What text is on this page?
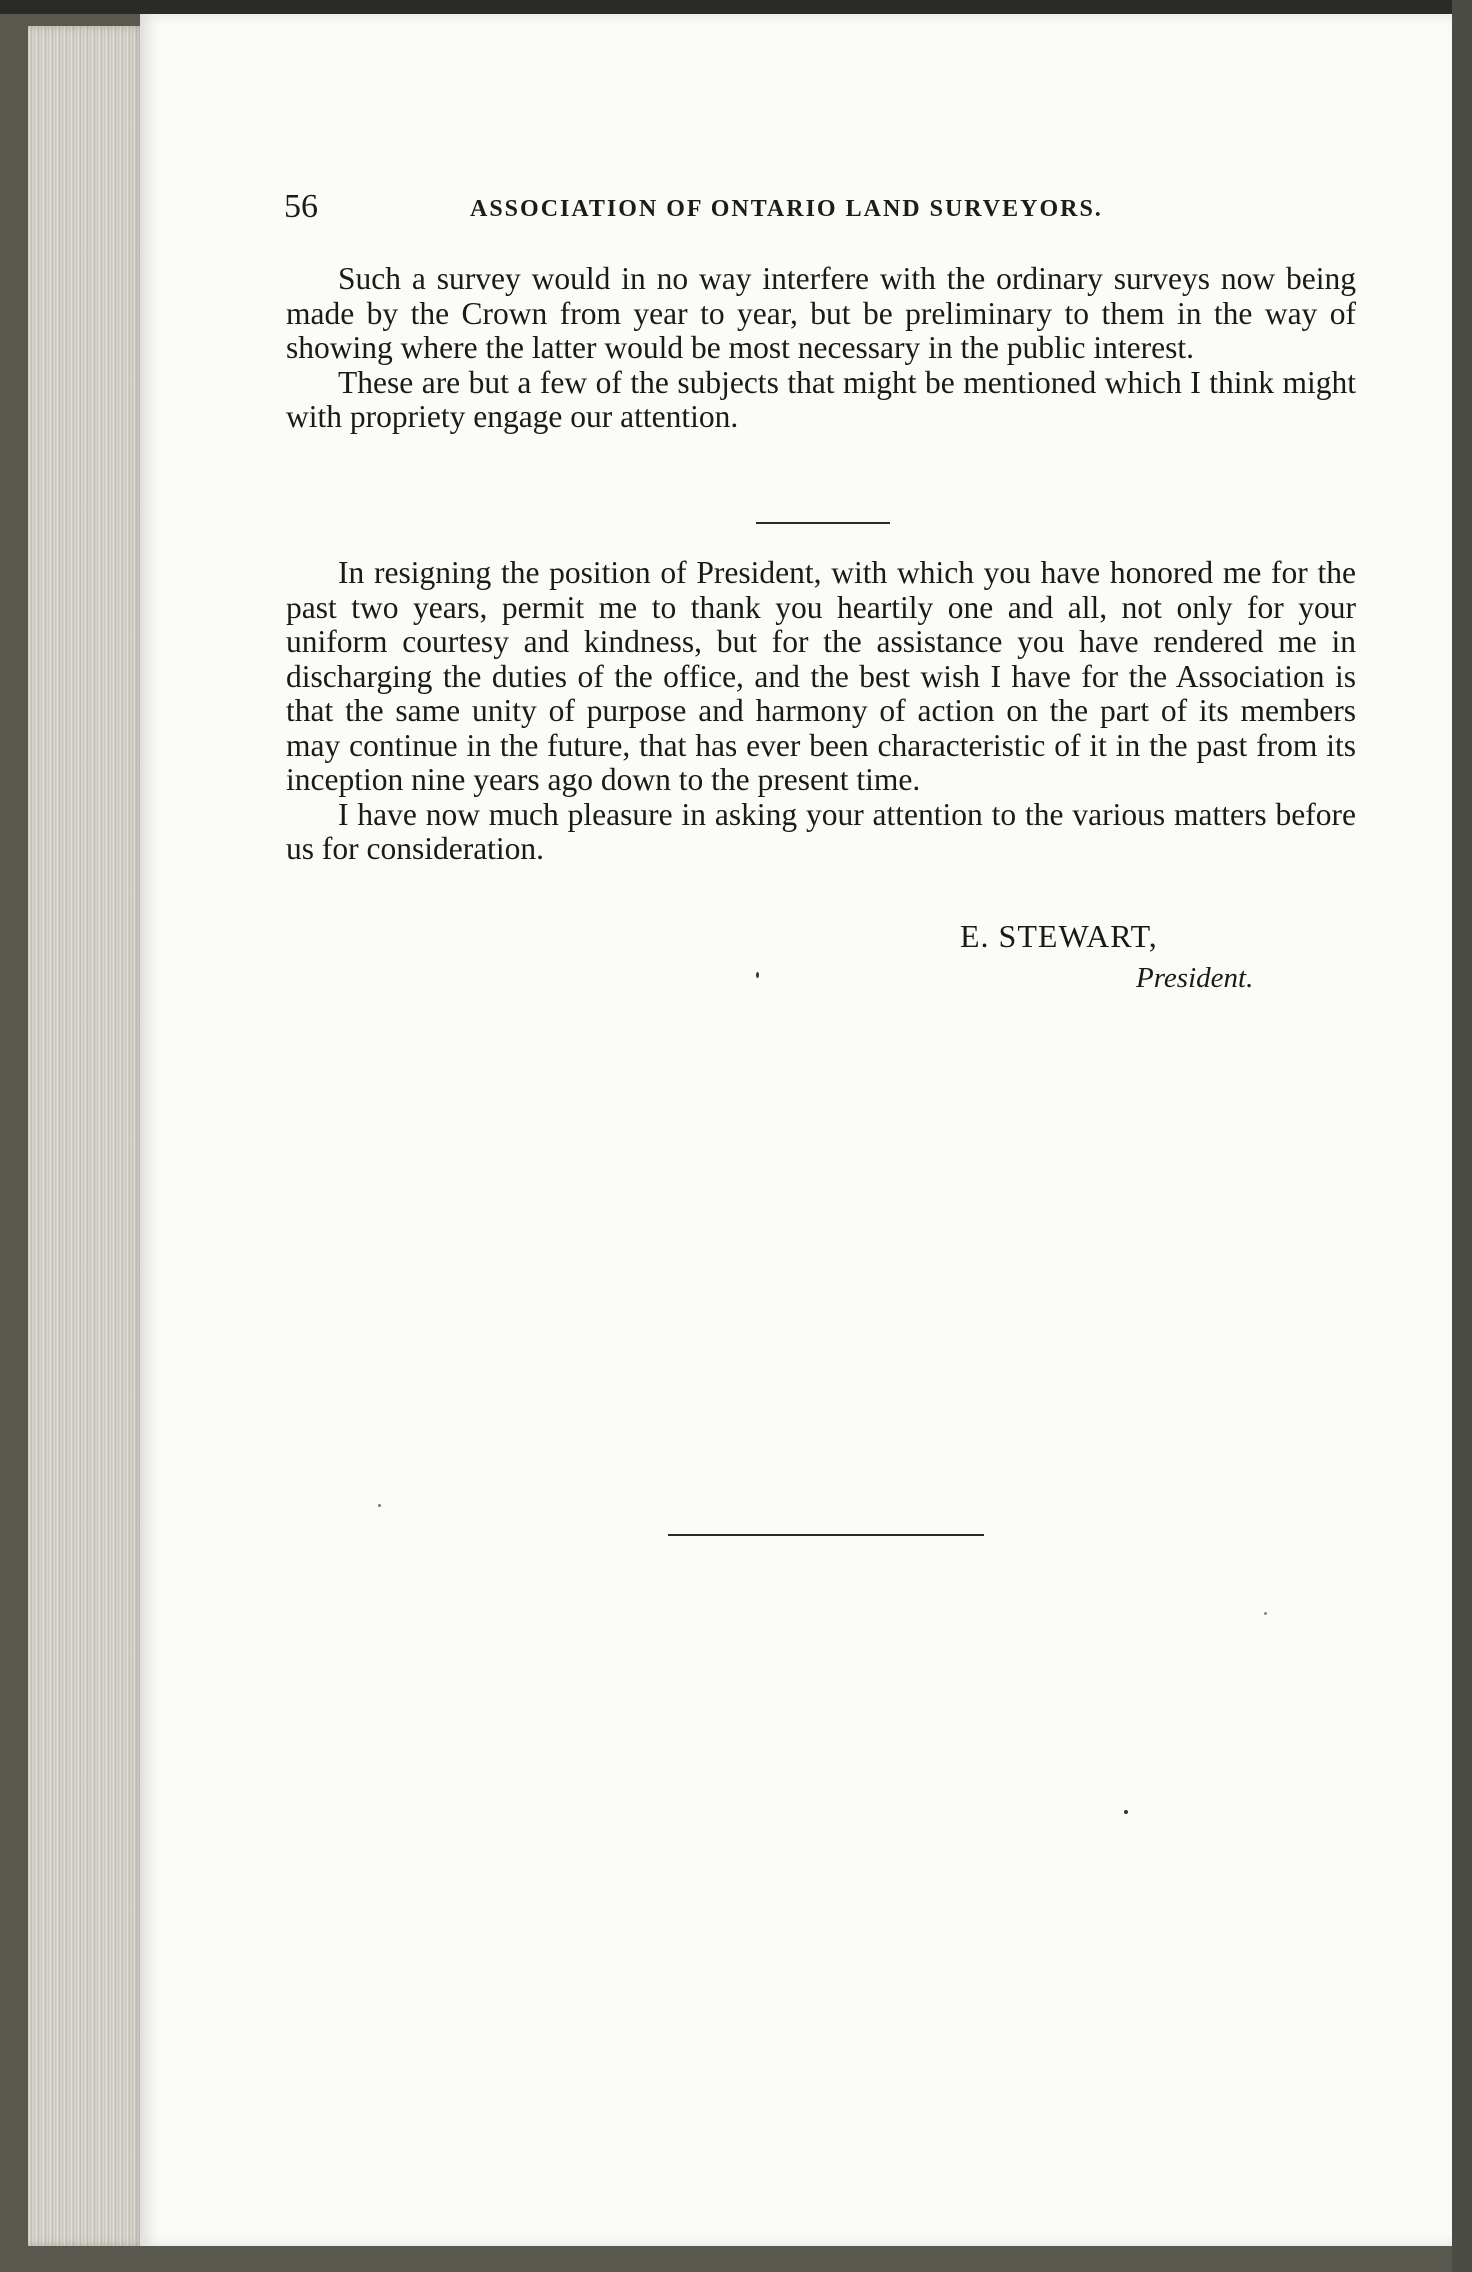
56	ASSOCIATION OF ONTARIO LAND SURVEYORS.

Such a survey would in no way interfere with the ordinary surveys now being made by the Crown from year to year, but be preliminary to them in the way of showing where the latter would be most necessary in the public interest.

These are but a few of the subjects that might be mentioned which I think might with propriety engage our attention.

In resigning the position of President, with which you have honored me for the past two years, permit me to thank you heartily one and all, not only for your uniform courtesy and kindness, but for the assistance you have rendered me in discharging the duties of the office, and the best wish I have for the Association is that the same unity of purpose and harmony of action on the part of its members may continue in the future, that has ever been characteristic of it in the past from its inception nine years ago down to the present time.

I have now much pleasure in asking your attention to the various matters before us for consideration.

E. STEWART,
President.
